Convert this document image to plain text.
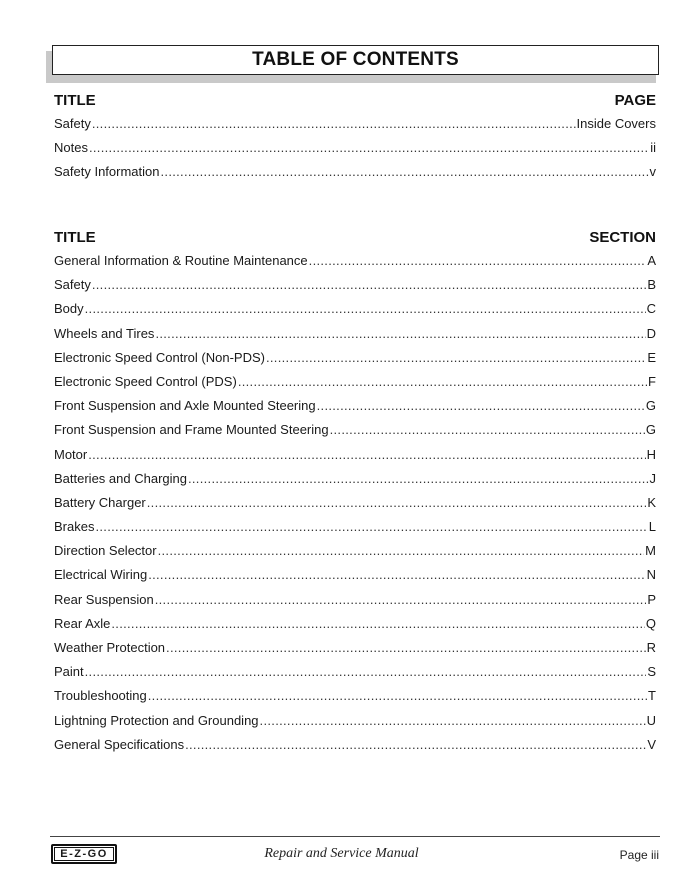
TABLE OF CONTENTS
TITLE	PAGE
Safety .....	Inside Covers
Notes .....	ii
Safety Information .....	v
TITLE	SECTION
General Information & Routine Maintenance .....	A
Safety .....	B
Body .....	C
Wheels and Tires .....	D
Electronic Speed Control (Non-PDS) .....	E
Electronic Speed Control (PDS) .....	F
Front Suspension and Axle Mounted Steering .....	G
Front Suspension and Frame Mounted Steering .....	G
Motor .....	H
Batteries and Charging .....	J
Battery Charger .....	K
Brakes .....	L
Direction Selector .....	M
Electrical Wiring .....	N
Rear Suspension .....	P
Rear Axle .....	Q
Weather Protection .....	R
Paint .....	S
Troubleshooting .....	T
Lightning Protection and Grounding .....	U
General Specifications .....	V
E-Z-GO	Repair and Service Manual	Page iii
